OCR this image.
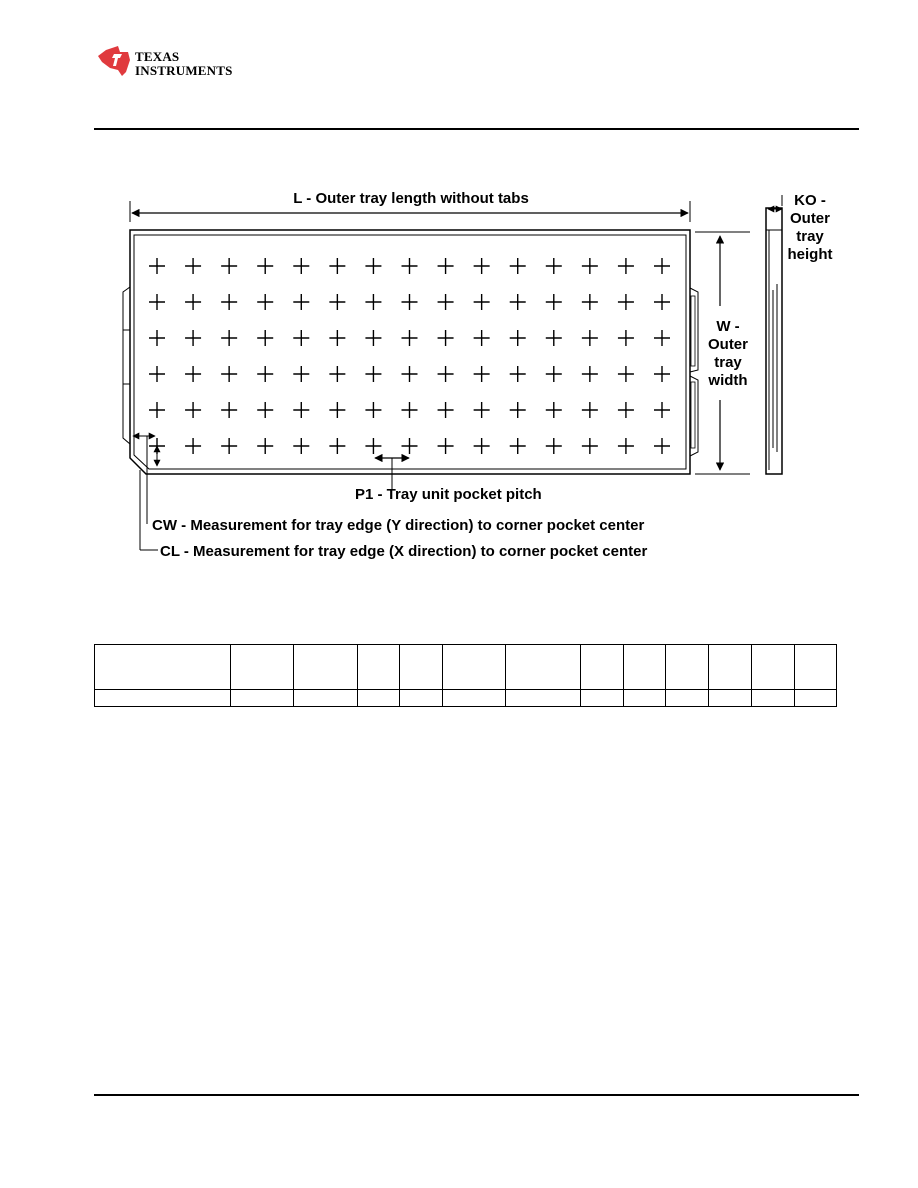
TEXAS
INSTRUMENTS
L - Outer tray length without tabs
W -
Outer
tray
width
KO -
Outer
tray
height
P1 - Tray unit pocket pitch
CW - Measurement for tray edge (Y direction) to corner pocket center
CL - Measurement for tray edge (X direction) to corner pocket center
